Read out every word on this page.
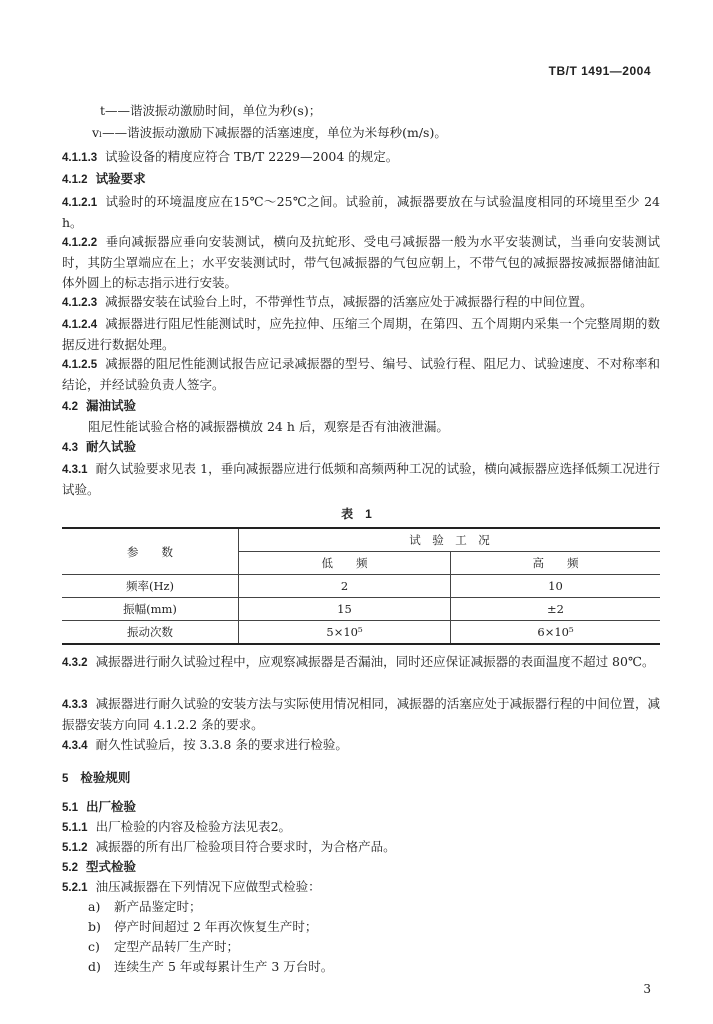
TB/T 1491—2004
t——谐波振动激励时间，单位为秒(s)；
vₗ——谐波振动激励下减振器的活塞速度，单位为米每秒(m/s)。
4.1.1.3 试验设备的精度应符合 TB/T 2229—2004 的规定。
4.1.2 试验要求
4.1.2.1 试验时的环境温度应在15℃～25℃之间。试验前，减振器要放在与试验温度相同的环境里至少 24 h。
4.1.2.2 垂向减振器应垂向安装测试，横向及抗蛇形、受电弓减振器一般为水平安装测试，当垂向安装测试时，其防尘罩端应在上；水平安装测试时，带气包减振器的气包应朝上，不带气包的减振器按减振器储油缸体外圆上的标志指示进行安装。
4.1.2.3 减振器安装在试验台上时，不带弹性节点，减振器的活塞应处于减振器行程的中间位置。
4.1.2.4 减振器进行阻尼性能测试时，应先拉伸、压缩三个周期，在第四、五个周期内采集一个完整周期的数据反进行数据处理。
4.1.2.5 减振器的阻尼性能测试报告应记录减振器的型号、编号、试验行程、阻尼力、试验速度、不对称率和结论，并经试验负责人签字。
4.2 漏油试验
阻尼性能试验合格的减振器横放 24 h 后，观察是否有油液泄漏。
4.3 耐久试验
4.3.1 耐久试验要求见表 1，垂向减振器应进行低频和高频两种工况的试验，横向减振器应选择低频工况进行试验。
表　1
参　　数	试　验　工　况	
	低　　频	高　　频
频率(Hz)	2	10
振幅(mm)	15	±2
振动次数	5×10⁵	6×10⁵
4.3.2 减振器进行耐久试验过程中，应观察减振器是否漏油，同时还应保证减振器的表面温度不超过 80℃。
4.3.3 减振器进行耐久试验的安装方法与实际使用情况相同，减振器的活塞应处于减振器行程的中间位置，减振器安装方向同 4.1.2.2 条的要求。
4.3.4 耐久性试验后，按 3.3.8 条的要求进行检验。
5 检验规则
5.1 出厂检验
5.1.1 出厂检验的内容及检验方法见表2。
5.1.2 减振器的所有出厂检验项目符合要求时，为合格产品。
5.2 型式检验
5.2.1 油压减振器在下列情况下应做型式检验：
a) 新产品鉴定时；
b) 停产时间超过 2 年再次恢复生产时；
c) 定型产品转厂生产时；
d) 连续生产 5 年或每累计生产 3 万台时。
3
